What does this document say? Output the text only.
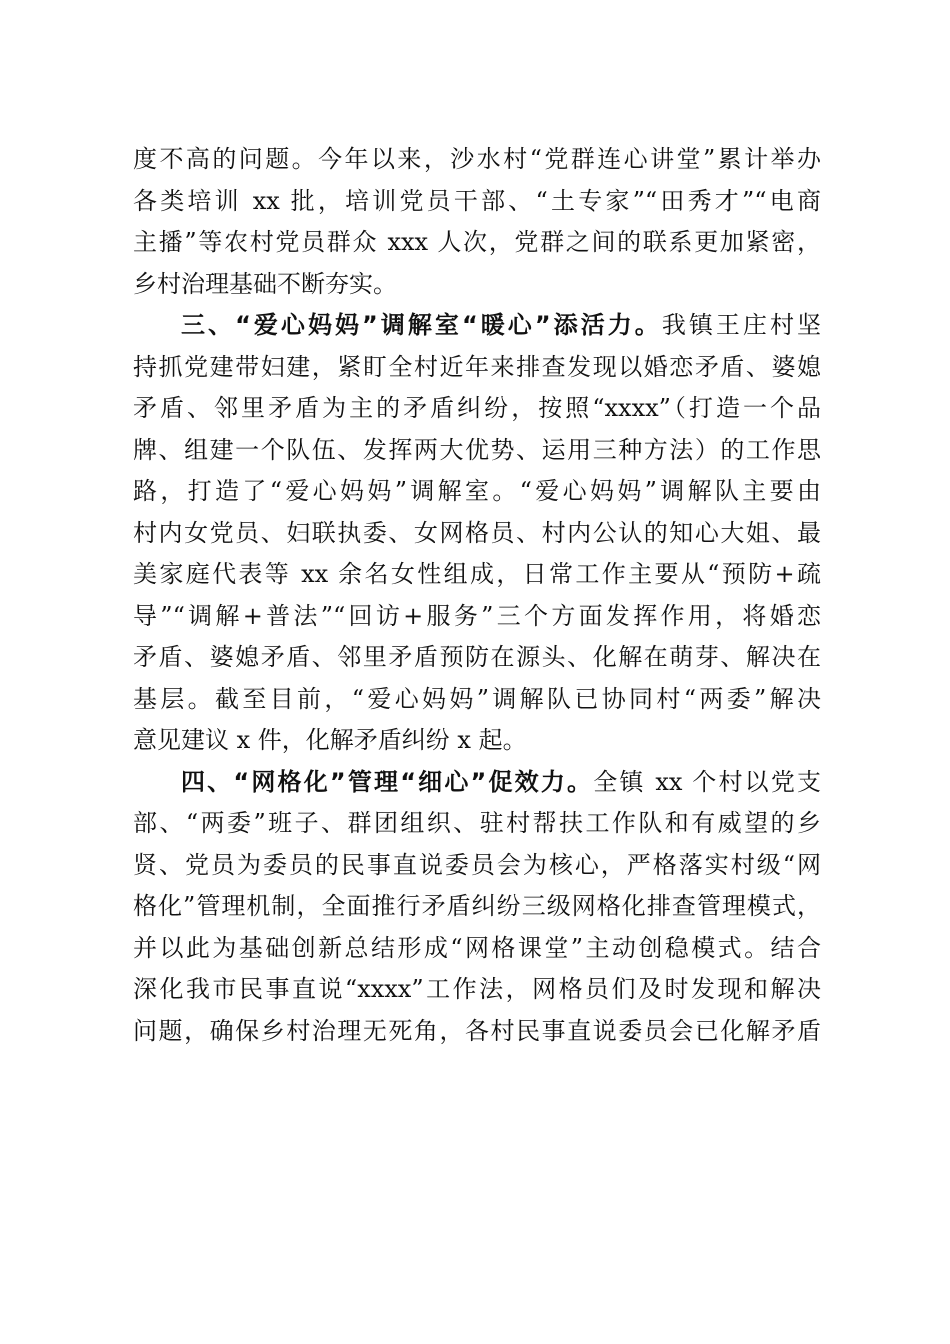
度不高的问题。今年以来，沙水村“党群连心讲堂”累计举办
各类培训 xx 批，培训党员干部、“土专家”“田秀才”“电商
主播”等农村党员群众 xxx 人次，党群之间的联系更加紧密，
乡村治理基础不断夯实。
三、“爱心妈妈”调解室“暖心”添活力。我镇王庄村坚
持抓党建带妇建，紧盯全村近年来排查发现以婚恋矛盾、婆媳
矛盾、邻里矛盾为主的矛盾纠纷，按照“xxxx”（打造一个品
牌、组建一个队伍、发挥两大优势、运用三种方法）的工作思
路，打造了“爱心妈妈”调解室。“爱心妈妈”调解队主要由
村内女党员、妇联执委、女网格员、村内公认的知心大姐、最
美家庭代表等 xx 余名女性组成，日常工作主要从“预防+疏
导”“调解+普法”“回访+服务”三个方面发挥作用，将婚恋
矛盾、婆媳矛盾、邻里矛盾预防在源头、化解在萌芽、解决在
基层。截至目前，“爱心妈妈”调解队已协同村“两委”解决
意见建议 x 件，化解矛盾纠纷 x 起。
四、“网格化”管理“细心”促效力。全镇 xx 个村以党支
部、“两委”班子、群团组织、驻村帮扶工作队和有威望的乡
贤、党员为委员的民事直说委员会为核心，严格落实村级“网
格化”管理机制，全面推行矛盾纠纷三级网格化排查管理模式，
并以此为基础创新总结形成“网格课堂”主动创稳模式。结合
深化我市民事直说“xxxx”工作法，网格员们及时发现和解决
问题，确保乡村治理无死角，各村民事直说委员会已化解矛盾
